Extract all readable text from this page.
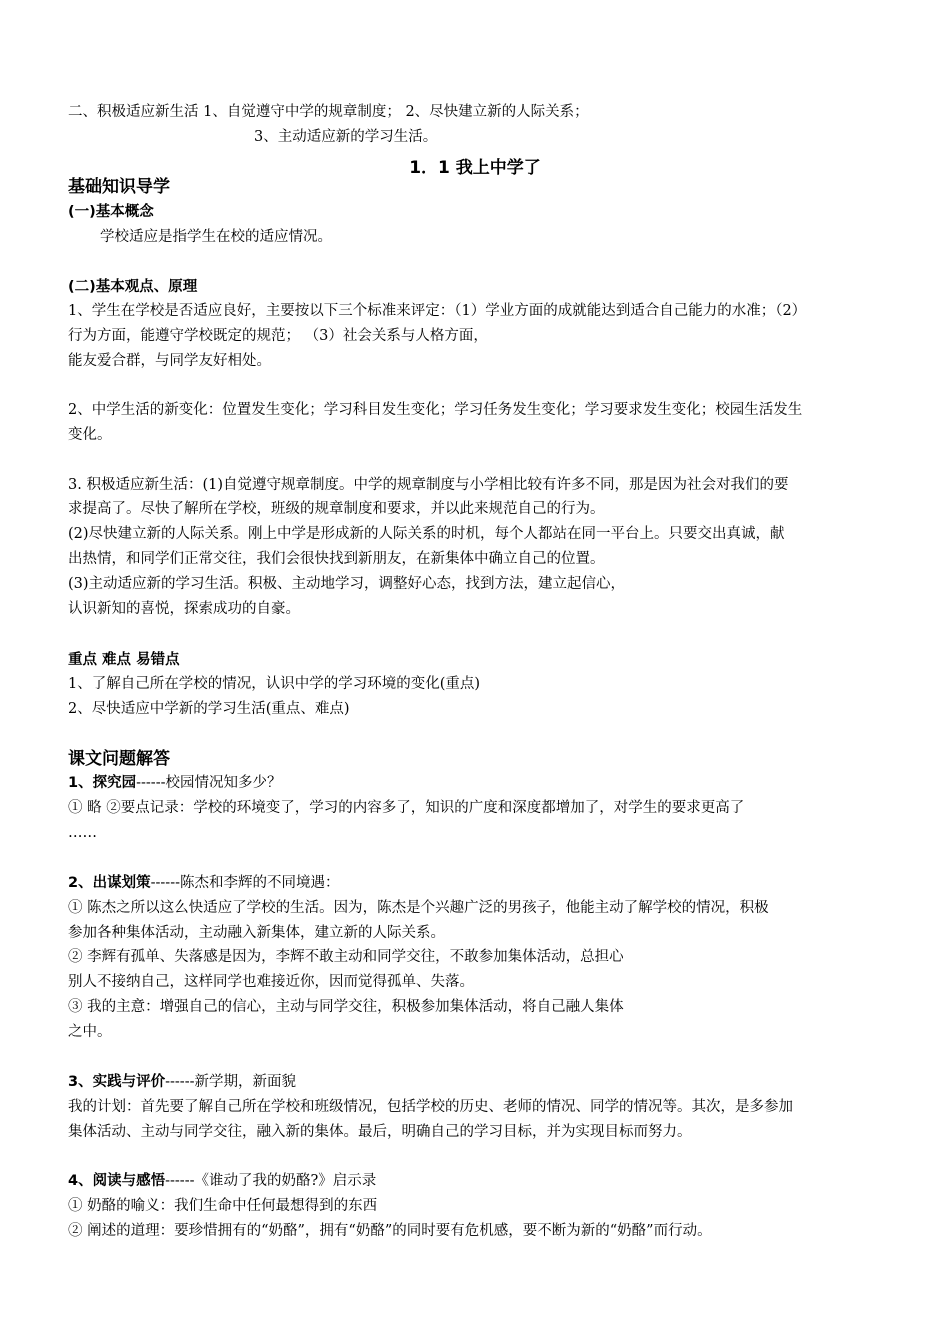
二、积极适应新生活 1、自觉遵守中学的规章制度； 2、尽快建立新的人际关系；
3、主动适应新的学习生活。
1．1 我上中学了
基础知识导学
(一)基本概念
学校适应是指学生在校的适应情况。
(二)基本观点、原理
1、学生在学校是否适应良好，主要按以下三个标准来评定：（1）学业方面的成就能达到适合自己能力的水准；（2）
行为方面，能遵守学校既定的规范； （3）社会关系与人格方面，
能友爱合群，与同学友好相处。
2、中学生活的新变化：位置发生变化；学习科目发生变化；学习任务发生变化；学习要求发生变化；校园生活发生
变化。
3. 积极适应新生活：(1)自觉遵守规章制度。中学的规章制度与小学相比较有许多不同，那是因为社会对我们的要
求提高了。尽快了解所在学校，班级的规章制度和要求，并以此来规范自己的行为。
(2)尽快建立新的人际关系。刚上中学是形成新的人际关系的时机，每个人都站在同一平台上。只要交出真诚，献
出热情，和同学们正常交往，我们会很快找到新朋友，在新集体中确立自己的位置。
(3)主动适应新的学习生活。积极、主动地学习，调整好心态，找到方法，建立起信心，
认识新知的喜悦，探索成功的自豪。
重点 难点 易错点
1、了解自己所在学校的情况，认识中学的学习环境的变化(重点)
2、尽快适应中学新的学习生活(重点、难点)
课文问题解答
1、探究园------校园情况知多少？
① 略 ②要点记录：学校的环境变了，学习的内容多了，知识的广度和深度都增加了，对学生的要求更高了
……
2、出谋划策------陈杰和李辉的不同境遇：
① 陈杰之所以这么快适应了学校的生活。因为，陈杰是个兴趣广泛的男孩子，他能主动了解学校的情况，积极
参加各种集体活动，主动融入新集体，建立新的人际关系。
② 李辉有孤单、失落感是因为，李辉不敢主动和同学交往，不敢参加集体活动，总担心
别人不接纳自己，这样同学也难接近你，因而觉得孤单、失落。
③ 我的主意：增强自己的信心，主动与同学交往，积极参加集体活动，将自己融人集体
之中。
3、实践与评价------新学期，新面貌
我的计划：首先要了解自己所在学校和班级情况，包括学校的历史、老师的情况、同学的情况等。其次，是多参加
集体活动、主动与同学交往，融入新的集体。最后，明确自己的学习目标，并为实现目标而努力。
4、阅读与感悟------《谁动了我的奶酪?》启示录
① 奶酪的喻义：我们生命中任何最想得到的东西
② 阐述的道理：要珍惜拥有的“奶酪”，拥有“奶酪”的同时要有危机感，要不断为新的“奶酪”而行动。
